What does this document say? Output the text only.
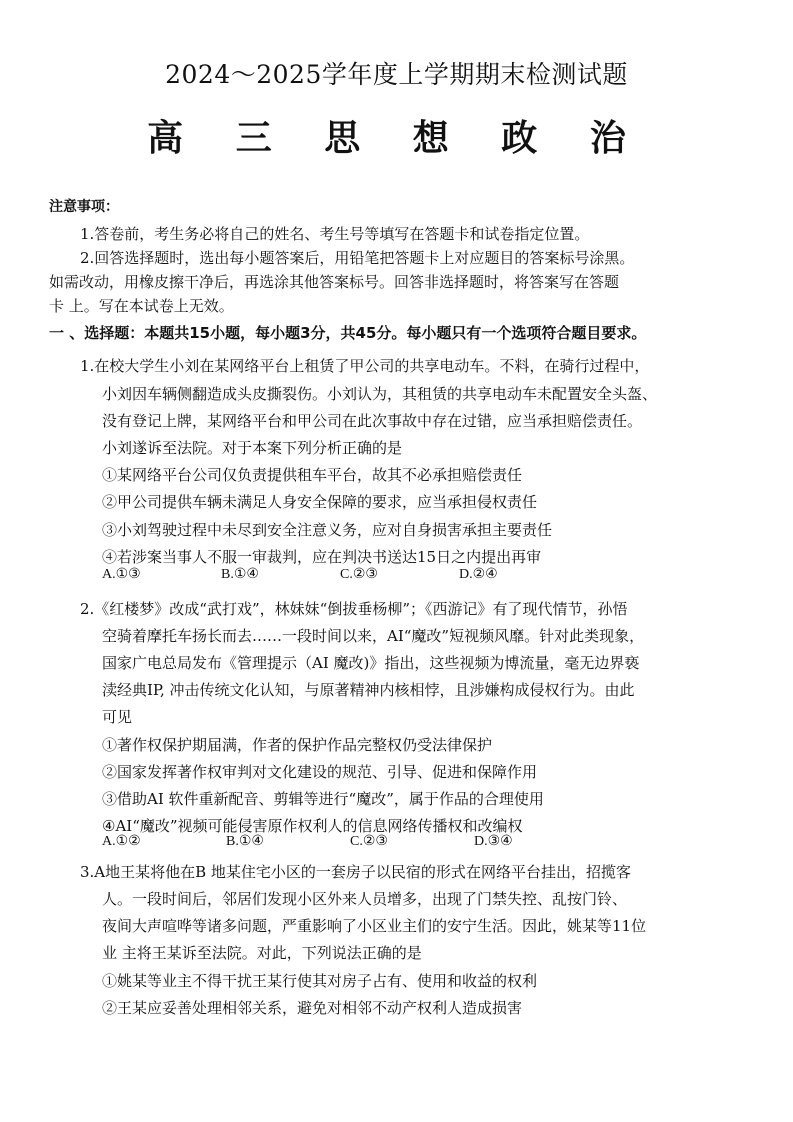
2024～2025学年度上学期期末检测试题
高 三 思 想 政 治
注意事项：
1.答卷前，考生务必将自己的姓名、考生号等填写在答题卡和试卷指定位置。
2.回答选择题时，选出每小题答案后，用铅笔把答题卡上对应题目的答案标号涂黑。
如需改动，用橡皮擦干净后，再选涂其他答案标号。回答非选择题时，将答案写在答题
卡 上。写在本试卷上无效。
一 、选择题：本题共15小题，每小题3分，共45分。每小题只有一个选项符合题目要求。
1.在校大学生小刘在某网络平台上租赁了甲公司的共享电动车。不料，在骑行过程中，
小刘因车辆侧翻造成头皮撕裂伤。小刘认为，其租赁的共享电动车未配置安全头盔、
没有登记上牌，某网络平台和甲公司在此次事故中存在过错，应当承担赔偿责任。
小刘遂诉至法院。对于本案下列分析正确的是
①某网络平台公司仅负责提供租车平台，故其不必承担赔偿责任
②甲公司提供车辆未满足人身安全保障的要求，应当承担侵权责任
③小刘驾驶过程中未尽到安全注意义务，应对自身损害承担主要责任
④若涉案当事人不服一审裁判，应在判决书送达15日之内提出再审
A.①③	B.①④	C.②③	D.②④
2.《红楼梦》改成“武打戏”，林妹妹“倒拔垂杨柳”；《西游记》有了现代情节，孙悟
空骑着摩托车扬长而去……一段时间以来，AI“魔改”短视频风靡。针对此类现象，
国家广电总局发布《管理提示（AI 魔改)》指出，这些视频为博流量，毫无边界亵
渎经典IP, 冲击传统文化认知，与原著精神内核相悖，且涉嫌构成侵权行为。由此
可见
①著作权保护期届满，作者的保护作品完整权仍受法律保护
②国家发挥著作权审判对文化建设的规范、引导、促进和保障作用
③借助AI 软件重新配音、剪辑等进行“魔改”，属于作品的合理使用
④AI“魔改”视频可能侵害原作权利人的信息网络传播权和改编权
A.①②	B.①④	C.②③	D.③④
3.A地王某将他在B 地某住宅小区的一套房子以民宿的形式在网络平台挂出，招揽客
人。一段时间后，邻居们发现小区外来人员增多，出现了门禁失控、乱按门铃、
夜间大声喧哗等诸多问题，严重影响了小区业主们的安宁生活。因此，姚某等11位
业 主将王某诉至法院。对此，下列说法正确的是
①姚某等业主不得干扰王某行使其对房子占有、使用和收益的权利
②王某应妥善处理相邻关系，避免对相邻不动产权利人造成损害
